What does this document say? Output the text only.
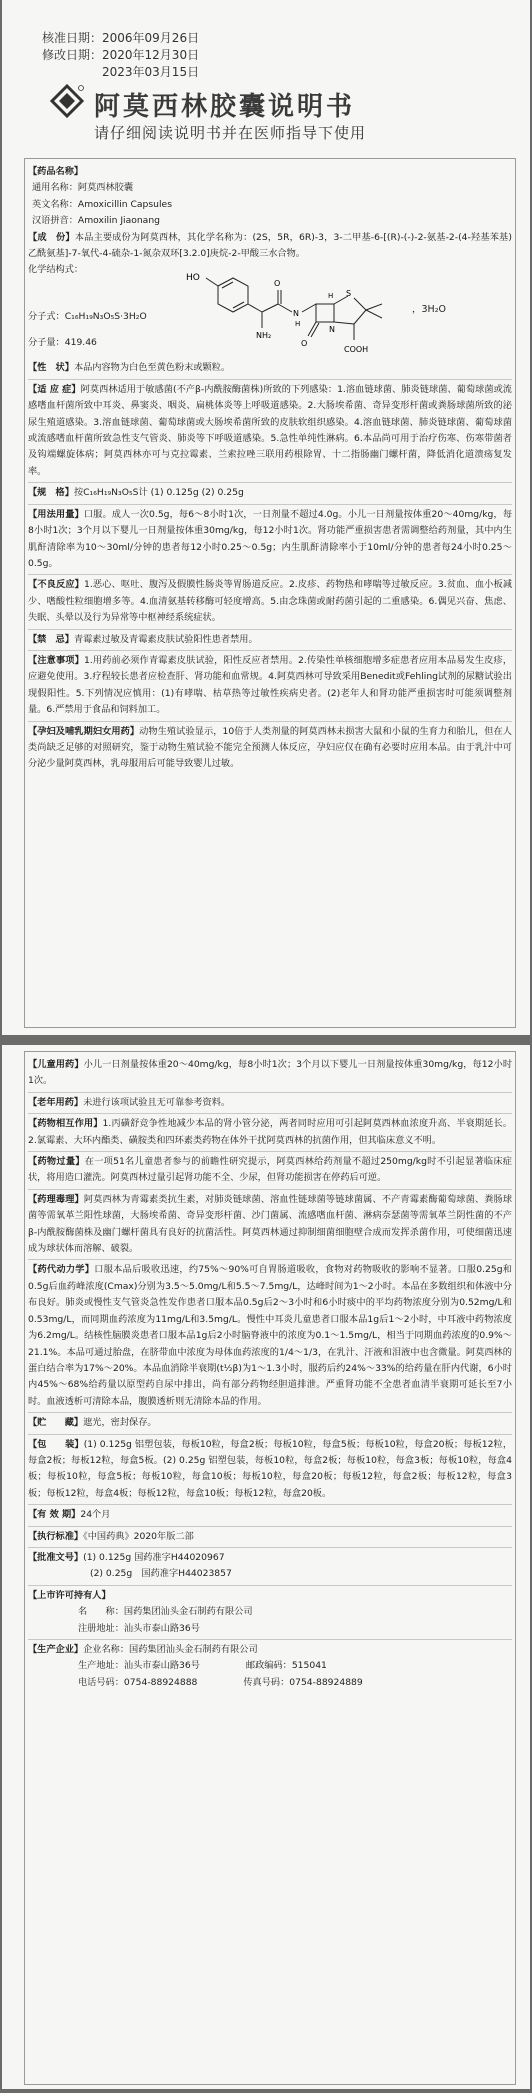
核准日期：2006年09月26日
修改日期：2020年12月30日
2023年03月15日
阿莫西林胶囊说明书
请仔细阅读说明书并在医师指导下使用

【药品名称】

通用名称：阿莫西林胶囊

英文名称：Amoxicillin Capsules

汉语拼音：Amoxilin Jiaonang

【成　份】本品主要成份为阿莫西林，其化学名称为：(2S，5R，6R)-3，3-二甲基-6-[(R)-(-)-2-氨基-2-(4-羟基苯基)乙酰氨基]-7-氧代-4-硫杂-1-氮杂双环[3.2.0]庚烷-2-甲酸三水合物。

化学结构式：
分子式：C₁₆H₁₉N₃O₅S·3H₂O
分子量：419.46
HO
NH₂
O
N
H
H S
N
O
COOH
，3H₂O

【性　状】本品内容物为白色至黄色粉末或颗粒。

【适 应 症】阿莫西林适用于敏感菌(不产β-内酰胺酶菌株)所致的下列感染：1.溶血链球菌、肺炎链球菌、葡萄球菌或流感嗜血杆菌所致中耳炎、鼻窦炎、咽炎、扁桃体炎等上呼吸道感染。2.大肠埃希菌、奇异变形杆菌或粪肠球菌所致的泌尿生殖道感染。3.溶血链球菌、葡萄球菌或大肠埃希菌所致的皮肤软组织感染。4.溶血链球菌、肺炎链球菌、葡萄球菌或流感嗜血杆菌所致急性支气管炎、肺炎等下呼吸道感染。5.急性单纯性淋病。6.本品尚可用于治疗伤寒、伤寒带菌者及钩端螺旋体病；阿莫西林亦可与克拉霉素、兰索拉唑三联用药根除胃、十二指肠幽门螺杆菌，降低消化道溃疡复发率。

【规　格】按C₁₆H₁₉N₃O₅S计 (1) 0.125g (2) 0.25g

【用法用量】口服。成人一次0.5g，每6～8小时1次，一日剂量不超过4.0g。小儿一日剂量按体重20～40mg/kg，每8小时1次；3个月以下婴儿一日剂量按体重30mg/kg，每12小时1次。肾功能严重损害患者需调整给药剂量，其中内生肌酐清除率为10～30ml/分钟的患者每12小时0.25～0.5g；内生肌酐清除率小于10ml/分钟的患者每24小时0.25～0.5g。

【不良反应】1.恶心、呕吐、腹泻及假膜性肠炎等胃肠道反应。2.皮疹、药物热和哮喘等过敏反应。3.贫血、血小板减少、嗜酸性粒细胞增多等。4.血清氨基转移酶可轻度增高。5.由念珠菌或耐药菌引起的二重感染。6.偶见兴奋、焦虑、失眠、头晕以及行为异常等中枢神经系统症状。

【禁　忌】青霉素过敏及青霉素皮肤试验阳性患者禁用。

【注意事项】1.用药前必须作青霉素皮肤试验，阳性反应者禁用。2.传染性单核细胞增多症患者应用本品易发生皮疹，应避免使用。3.疗程较长患者应检查肝、肾功能和血常规。4.阿莫西林可导致采用Benedit或Fehling试剂的尿糖试验出现假阳性。5.下列情况应慎用：(1)有哮喘、枯草热等过敏性疾病史者。(2)老年人和肾功能严重损害时可能须调整剂量。6.严禁用于食品和饲料加工。

【孕妇及哺乳期妇女用药】动物生殖试验显示，10倍于人类剂量的阿莫西林未损害大鼠和小鼠的生育力和胎儿，但在人类尚缺乏足够的对照研究，鉴于动物生殖试验不能完全预测人体反应，孕妇应仅在确有必要时应用本品。由于乳汁中可分泌少量阿莫西林，乳母服用后可能导致婴儿过敏。

【儿童用药】小儿一日剂量按体重20～40mg/kg，每8小时1次；3个月以下婴儿一日剂量按体重30mg/kg，每12小时1次。

【老年用药】未进行该项试验且无可靠参考资料。

【药物相互作用】1.丙磺舒竞争性地减少本品的肾小管分泌，两者同时应用可引起阿莫西林血浓度升高、半衰期延长。2.氯霉素、大环内酯类、磺胺类和四环素类药物在体外干扰阿莫西林的抗菌作用，但其临床意义不明。

【药物过量】在一项51名儿童患者参与的前瞻性研究提示，阿莫西林给药剂量不超过250mg/kg时不引起显著临床症状，将用造口灌洗。阿莫西林过量引起肾功能不全、少尿，但肾功能损害在停药后可逆。

【药理毒理】阿莫西林为青霉素类抗生素，对肺炎链球菌、溶血性链球菌等链球菌属、不产青霉素酶葡萄球菌、粪肠球菌等需氧革兰阳性球菌，大肠埃希菌、奇异变形杆菌、沙门菌属、流感嗜血杆菌、淋病奈瑟菌等需氧革兰阴性菌的不产β-内酰胺酶菌株及幽门螺杆菌具有良好的抗菌活性。阿莫西林通过抑制细菌细胞壁合成而发挥杀菌作用，可使细菌迅速成为球状体而溶解、破裂。

【药代动力学】口服本品后吸收迅速，约75%～90%可自胃肠道吸收，食物对药物吸收的影响不显著。口服0.25g和0.5g后血药峰浓度(Cmax)分别为3.5～5.0mg/L和5.5～7.5mg/L，达峰时间为1～2小时。本品在多数组织和体液中分布良好。肺炎或慢性支气管炎急性发作患者口服本品0.5g后2～3小时和6小时痰中的平均药物浓度分别为0.52mg/L和0.53mg/L，而同期血药浓度为11mg/L和3.5mg/L。慢性中耳炎儿童患者口服本品1g后1～2小时，中耳液中药物浓度为6.2mg/L。结核性脑膜炎患者口服本品1g后2小时脑脊液中的浓度为0.1～1.5mg/L，相当于同期血药浓度的0.9%～21.1%。本品可通过胎盘，在脐带血中浓度为母体血药浓度的1/4～1/3，在乳汁、汗液和泪液中也含微量。阿莫西林的蛋白结合率为17%～20%。本品血消除半衰期(t½β)为1～1.3小时，服药后约24%～33%的给药量在肝内代谢，6小时内45%～68%给药量以原型药自尿中排出，尚有部分药物经胆道排泄。严重肾功能不全患者血清半衰期可延长至7小时。血液透析可清除本品，腹膜透析则无清除本品的作用。

【贮　　藏】遮光，密封保存。

【包　　装】(1) 0.125g 铝塑包装，每板10粒，每盒2板；每板10粒，每盒5板；每板10粒，每盒20板；每板12粒，每盒2板；每板12粒，每盒5板。(2) 0.25g 铝塑包装，每板10粒，每盒2板；每板10粒，每盒3板；每板10粒，每盒4板；每板10粒，每盒5板；每板10粒，每盒10板；每板10粒，每盒20板；每板12粒，每盒2板；每板12粒，每盒3板；每板12粒，每盒4板；每板12粒，每盒10板；每板12粒，每盒20板。

【有 效 期】24个月

【执行标准】《中国药典》2020年版二部

【批准文号】(1) 0.125g 国药准字H44020967

(2) 0.25g　国药准字H44023857

【上市许可持有人】

名　　称：国药集团汕头金石制药有限公司

注册地址：汕头市泰山路36号

【生产企业】企业名称：国药集团汕头金石制药有限公司

生产地址：汕头市泰山路36号　　　　　邮政编码：515041

电话号码：0754-88924888　　　　　传真号码：0754-88924889
